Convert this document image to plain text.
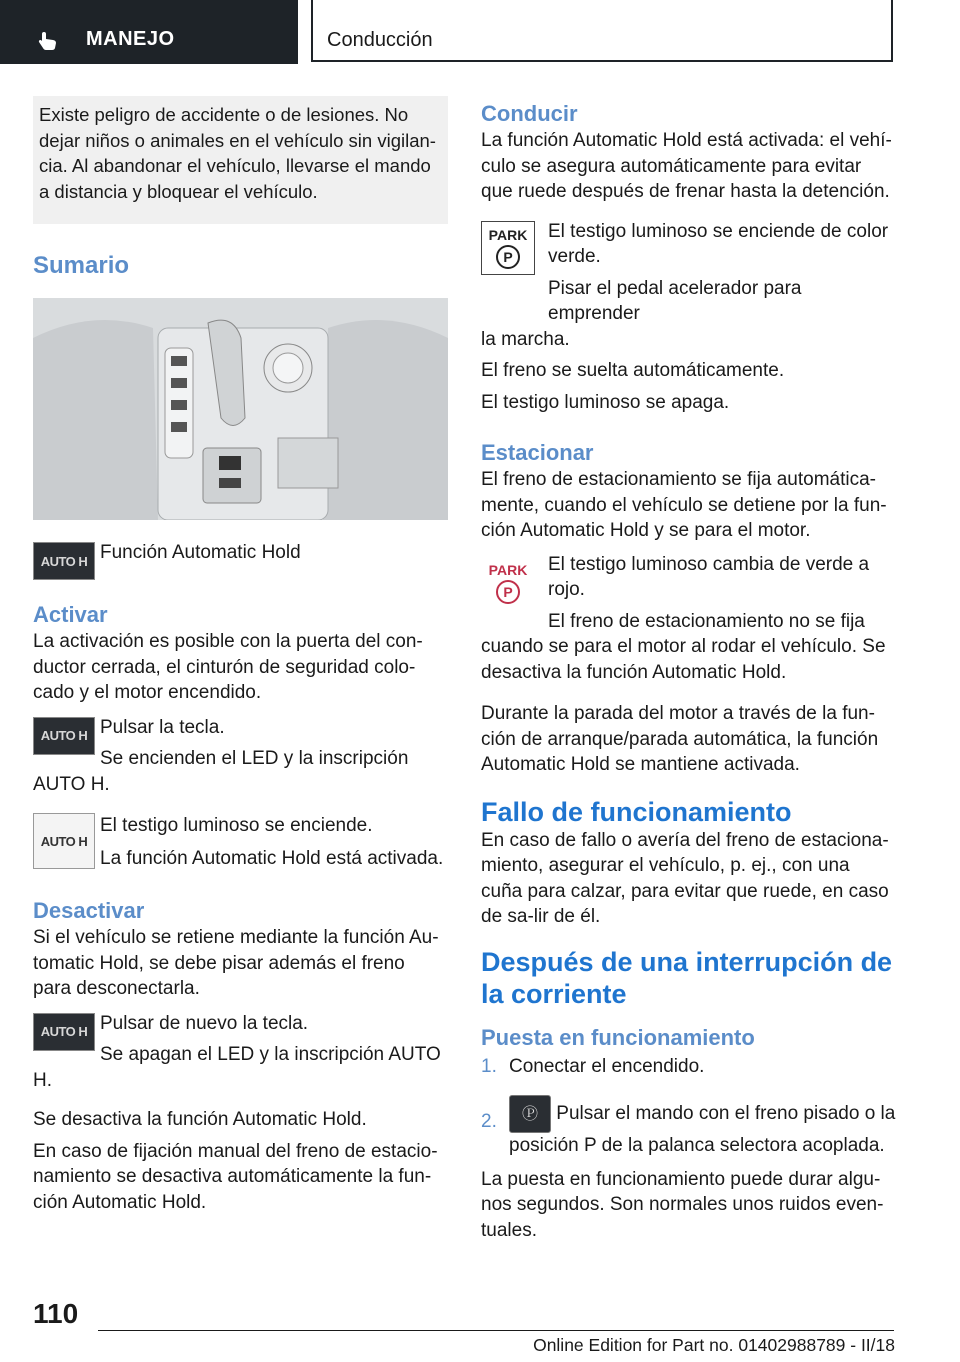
MANEJO	Conducción

Existe peligro de accidente o de lesiones. No dejar niños o animales en el vehículo sin vigilan‐cia. Al abandonar el vehículo, llevarse el mando a distancia y bloquear el vehículo.

Sumario
AUTO H Función Automatic Hold

Activar

La activación es posible con la puerta del con‐ductor cerrada, el cinturón de seguridad colo‐cado y el motor encendido.

AUTO H Pulsar la tecla.

Se encienden el LED y la inscripción

AUTO H.

AUTO H

El testigo luminoso se enciende.

La función Automatic Hold está activada.

Desactivar

Si el vehículo se retiene mediante la función Au‐tomatic Hold, se debe pisar además el freno para desconectarla.

AUTO H Pulsar de nuevo la tecla.

Se apagan el LED y la inscripción AUTO

H.

Se desactiva la función Automatic Hold.

En caso de fijación manual del freno de estacio‐namiento se desactiva automáticamente la fun‐ción Automatic Hold.

Conducir

La función Automatic Hold está activada: el vehí‐culo se asegura automáticamente para evitar que ruede después de frenar hasta la detención.

PARK
P

El testigo luminoso se enciende de color verde.

Pisar el pedal acelerador para emprender

la marcha.

El freno se suelta automáticamente.

El testigo luminoso se apaga.

Estacionar

El freno de estacionamiento se fija automática‐mente, cuando el vehículo se detiene por la fun‐ción Automatic Hold y se para el motor.

PARK
P

El testigo luminoso cambia de verde a rojo.

El freno de estacionamiento no se fija

cuando se para el motor al rodar el vehículo. Se desactiva la función Automatic Hold.

Durante la parada del motor a través de la fun‐ción de arranque/parada automática, la función Automatic Hold se mantiene activada.

Fallo de funcionamiento

En caso de fallo o avería del freno de estaciona‐miento, asegurar el vehículo, p. ej., con una cuña para calzar, para evitar que ruede, en caso de sa‐lir de él.

Después de una interrupción de la corriente
Puesta en funcionamiento
1. Conectar el encendido.

2.	Ⓟ Pulsar el mando con el freno pisado o la posición P de la palanca selectora acoplada.

La puesta en funcionamiento puede durar algu‐nos segundos. Son normales unos ruidos even‐tuales.

110
Online Edition for Part no. 01402988789 - II/18
